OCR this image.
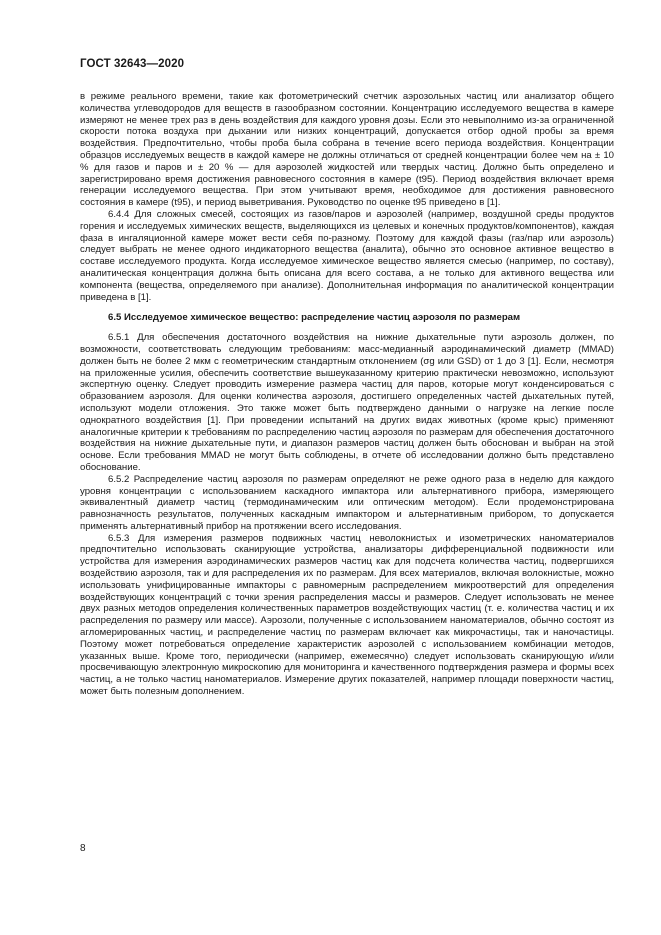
ГОСТ 32643—2020

в режиме реального времени, такие как фотометрический счетчик аэрозольных частиц или анализатор общего количества углеводородов для веществ в газообразном состоянии. Концентрацию исследуемого вещества в камере измеряют не менее трех раз в день воздействия для каждого уровня дозы. Если это невыполнимо из-за ограниченной скорости потока воздуха при дыхании или низких концентраций, допускается отбор одной пробы за время воздействия. Предпочтительно, чтобы проба была собрана в течение всего периода воздействия. Концентрации образцов исследуемых веществ в каждой камере не должны отличаться от средней концентрации более чем на ± 10 % для газов и паров и ± 20 % — для аэрозолей жидкостей или твердых частиц. Должно быть определено и зарегистрировано время достижения равновесного состояния в камере (t95). Период воздействия включает время генерации исследуемого вещества. При этом учитывают время, необходимое для достижения равновесного состояния в камере (t95), и период выветривания. Руководство по оценке t95 приведено в [1].

6.4.4 Для сложных смесей, состоящих из газов/паров и аэрозолей (например, воздушной среды продуктов горения и исследуемых химических веществ, выделяющихся из целевых и конечных продуктов/компонентов), каждая фаза в ингаляционной камере может вести себя по-разному. Поэтому для каждой фазы (газ/пар или аэрозоль) следует выбрать не менее одного индикаторного вещества (аналита), обычно это основное активное вещество в составе исследуемого продукта. Когда исследуемое химическое вещество является смесью (например, по составу), аналитическая концентрация должна быть описана для всего состава, а не только для активного вещества или компонента (вещества, определяемого при анализе). Дополнительная информация по аналитической концентрации приведена в [1].

6.5 Исследуемое химическое вещество: распределение частиц аэрозоля по размерам

6.5.1 Для обеспечения достаточного воздействия на нижние дыхательные пути аэрозоль должен, по возможности, соответствовать следующим требованиям: масс-медианный аэродинамический диаметр (ММAD) должен быть не более 2 мкм с геометрическим стандартным отклонением (σg или GSD) от 1 до 3 [1]. Если, несмотря на приложенные усилия, обеспечить соответствие вышеуказанному критерию практически невозможно, используют экспертную оценку. Следует проводить измерение размера частиц для паров, которые могут конденсироваться с образованием аэрозоля. Для оценки количества аэрозоля, достигшего определенных частей дыхательных путей, используют модели отложения. Это также может быть подтверждено данными о нагрузке на легкие после однократного воздействия [1]. При проведении испытаний на других видах животных (кроме крыс) применяют аналогичные критерии к требованиям по распределению частиц аэрозоля по размерам для обеспечения достаточного воздействия на нижние дыхательные пути, и диапазон размеров частиц должен быть обоснован и выбран на этой основе. Если требования MMAD не могут быть соблюдены, в отчете об исследовании должно быть представлено обоснование.

6.5.2 Распределение частиц аэрозоля по размерам определяют не реже одного раза в неделю для каждого уровня концентрации с использованием каскадного импактора или альтернативного прибора, измеряющего эквивалентный диаметр частиц (термодинамическим или оптическим методом). Если продемонстрирована равнозначность результатов, полученных каскадным импактором и альтернативным прибором, то допускается применять альтернативный прибор на протяжении всего исследования.

6.5.3 Для измерения размеров подвижных частиц неволокнистых и изометрических наноматериалов предпочтительно использовать сканирующие устройства, анализаторы дифференциальной подвижности или устройства для измерения аэродинамических размеров частиц как для подсчета количества частиц, подвергшихся воздействию аэрозоля, так и для распределения их по размерам. Для всех материалов, включая волокнистые, можно использовать унифицированные импакторы с равномерным распределением микроотверстий для определения воздействующих концентраций с точки зрения распределения массы и размеров. Следует использовать не менее двух разных методов определения количественных параметров воздействующих частиц (т. е. количества частиц и их распределения по размеру или массе). Аэрозоли, полученные с использованием наноматериалов, обычно состоят из агломерированных частиц, и распределение частиц по размерам включает как микрочастицы, так и наночастицы. Поэтому может потребоваться определение характеристик аэрозолей с использованием комбинации методов, указанных выше. Кроме того, периодически (например, ежемесячно) следует использовать сканирующую и/или просвечивающую электронную микроскопию для мониторинга и качественного подтверждения размера и формы всех частиц, а не только частиц наноматериалов. Измерение других показателей, например площади поверхности частиц, может быть полезным дополнением.

8
